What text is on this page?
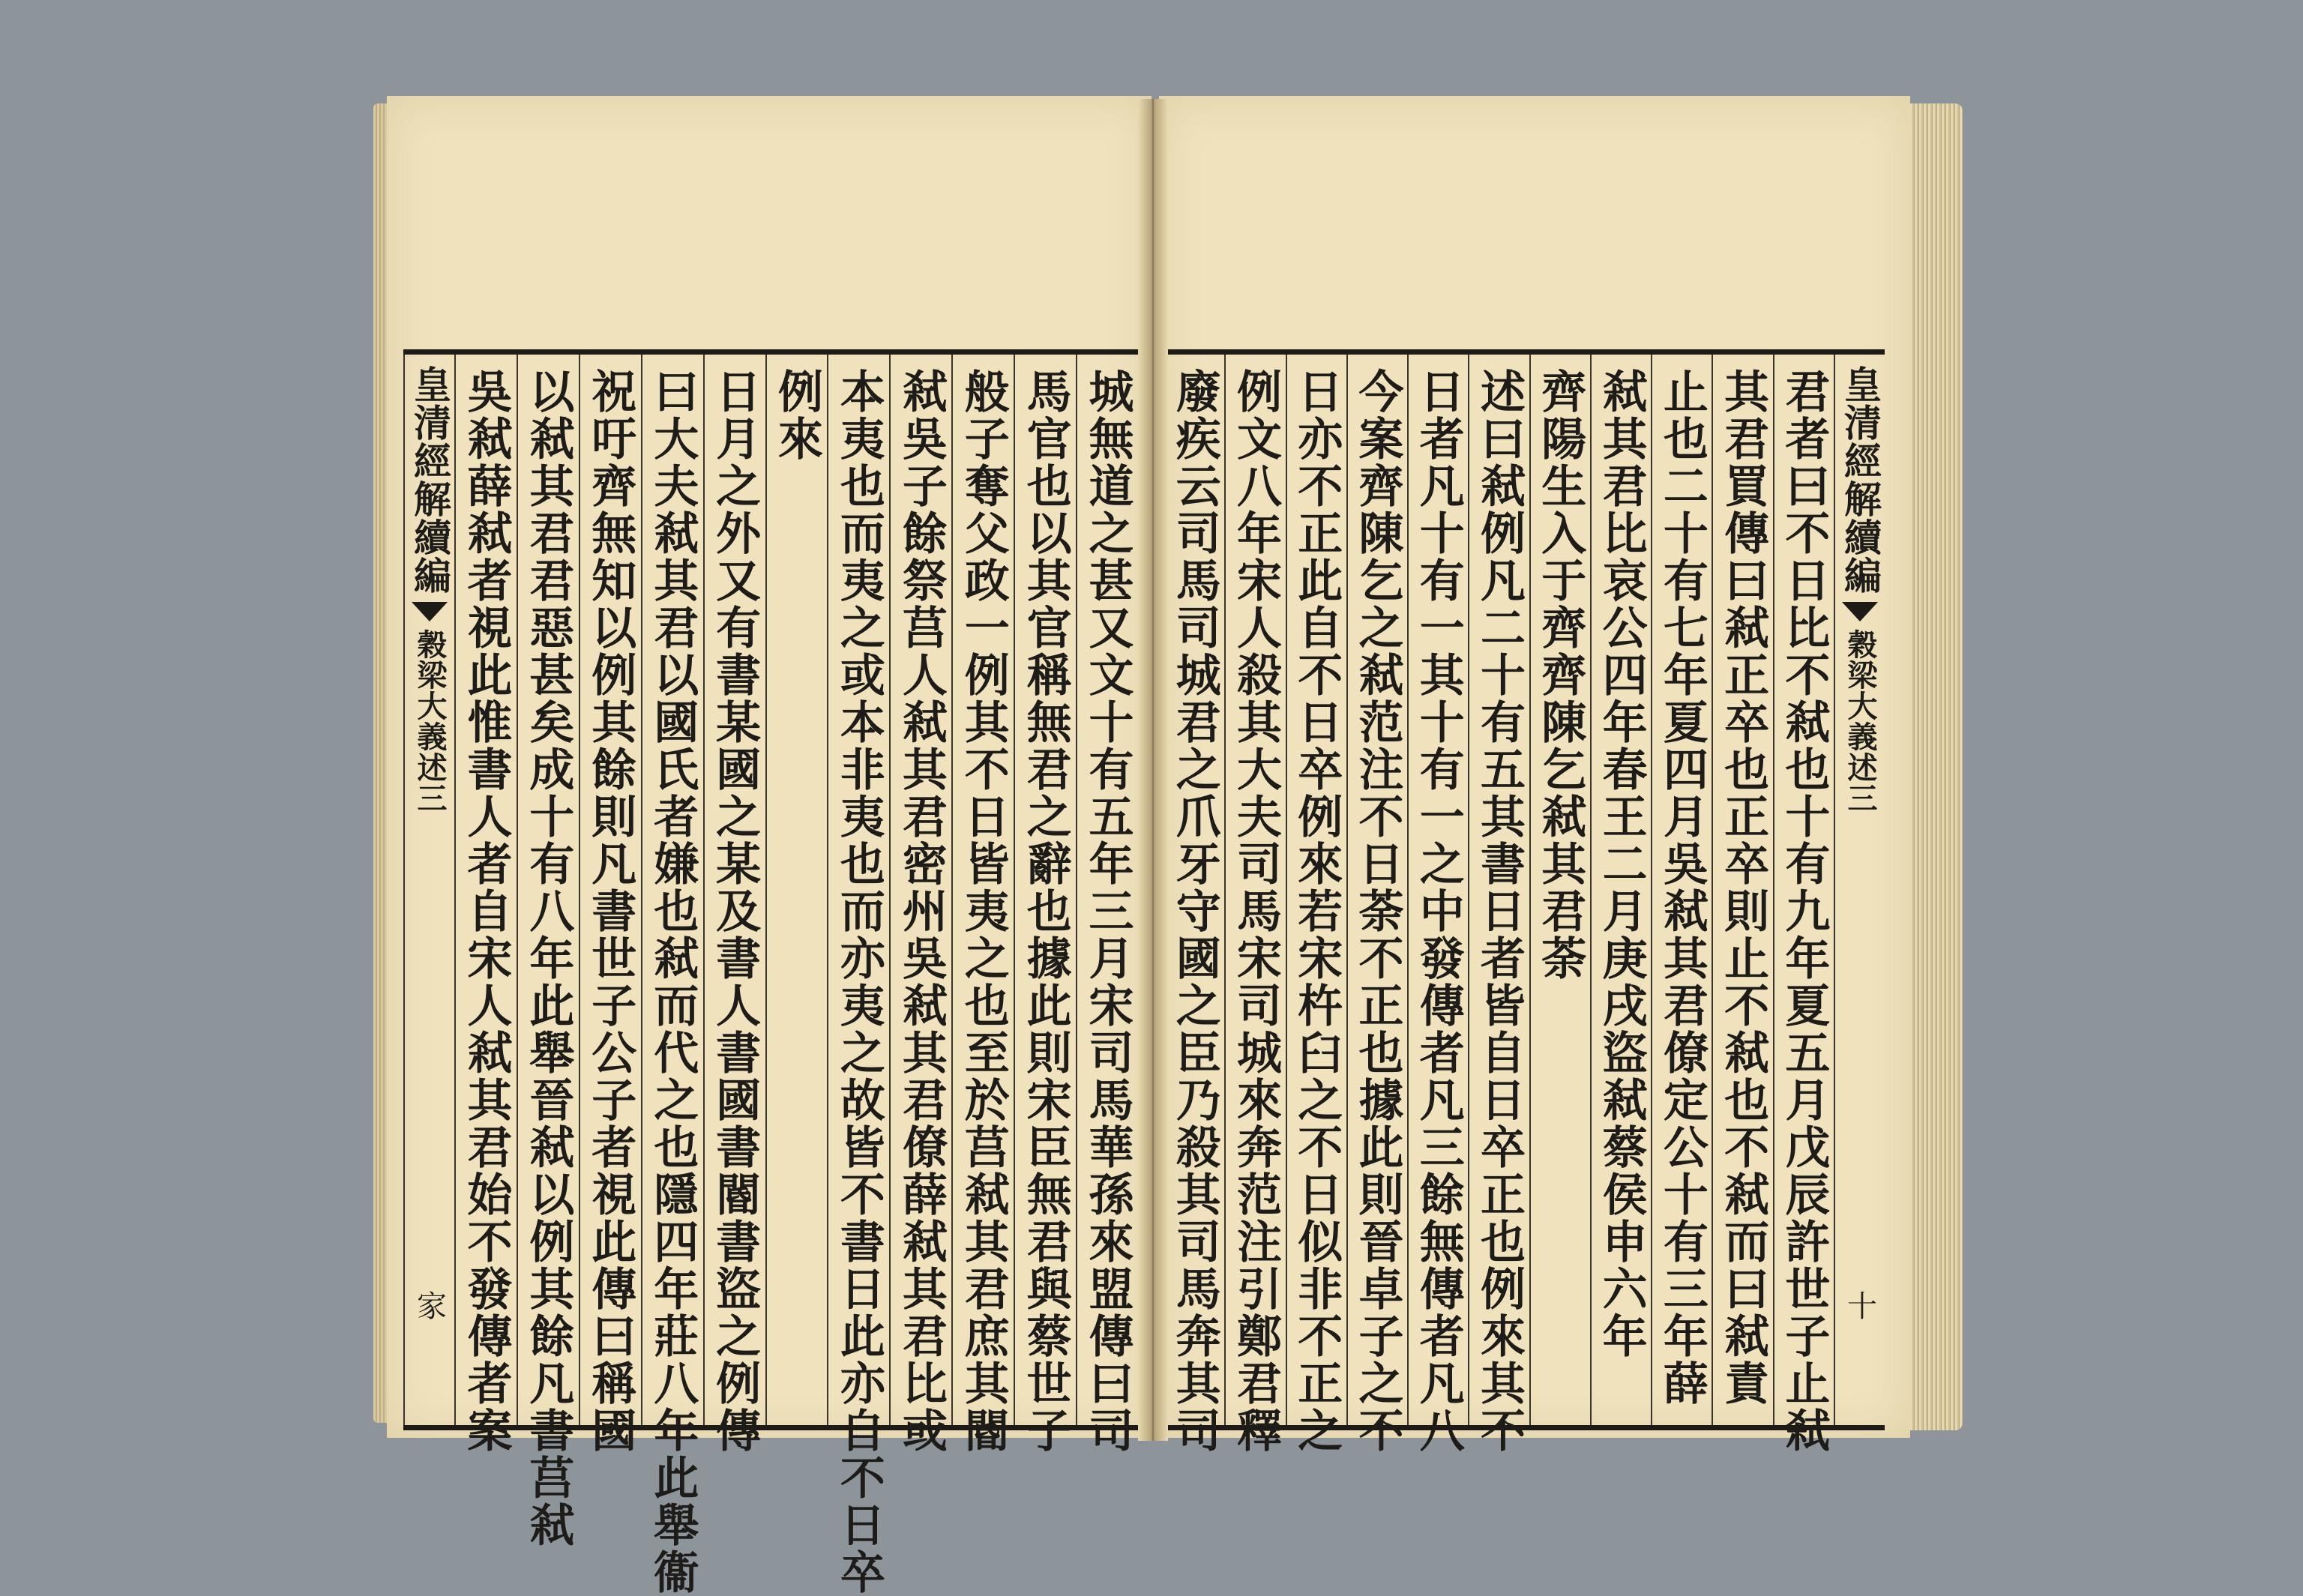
城無道之甚又文十有五年三月宋司馬華孫來盟傳曰司
馬官也以其官稱無君之辭也據此則宋臣無君與蔡世子
般子奪父政一例其不日皆夷之也至於莒弒其君庶其閽
弒吳子餘祭莒人弒其君密州吳弒其君僚薛弒其君比或
本夷也而夷之或本非夷也而亦夷之故皆不書日此亦自不日卒
例來
日月之外又有書某國之某及書人書國書閽書盜之例傳
曰大夫弒其君以國氏者嫌也弒而代之也隱四年莊八年此舉衞
祝吁齊無知以例其餘則凡書世子公子者視此傳曰稱國
以弒其君君惡甚矣成十有八年此舉晉弒以例其餘凡書莒弒
吳弒薛弒者視此惟書人者自宋人弒其君始不發傳者案
皇清經解續編
穀梁大義述三
家
皇清經解續編
穀梁大義述三
十
君者曰不日比不弒也十有九年夏五月戊辰許世子止弒
其君買傳曰弒正卒也正卒則止不弒也不弒而曰弒責
止也二十有七年夏四月吳弒其君僚定公十有三年薛
弒其君比哀公四年春王二月庚戌盜弒蔡侯申六年
齊陽生入于齊齊陳乞弒其君荼
述曰弒例凡二十有五其書日者皆自日卒正也例來其不
日者凡十有一其十有一之中發傳者凡三餘無傳者凡八
今案齊陳乞之弒范注不日荼不正也據此則晉卓子之不
日亦不正此自不日卒例來若宋杵臼之不日似非不正之
例文八年宋人殺其大夫司馬宋司城來奔范注引鄭君釋
廢疾云司馬司城君之爪牙守國之臣乃殺其司馬奔其司
